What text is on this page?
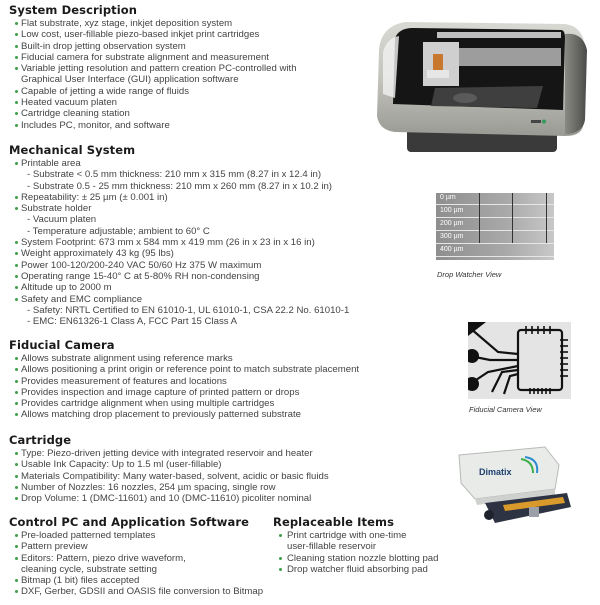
System Description
Flat substrate, xyz stage, inkjet deposition system
Low cost, user-fillable piezo-based inkjet print cartridges
Built-in drop jetting observation system
Fiducial camera for substrate alignment and measurement
Variable jetting resolution and pattern creation PC-controlled with
Graphical User Interface (GUI) application software
Capable of jetting a wide range of fluids
Heated vacuum platen
Cartridge cleaning station
Includes PC, monitor, and software
Mechanical System
Printable area
- Substrate < 0.5 mm thickness: 210 mm x 315 mm (8.27 in x 12.4 in)
- Substrate 0.5 - 25 mm thickness: 210 mm x 260 mm (8.27 in x 10.2 in)
Repeatability: ± 25 µm (± 0.001 in)
Substrate holder
- Vacuum platen
- Temperature adjustable; ambient to 60° C
System Footprint: 673 mm x 584 mm x 419 mm (26 in x 23 in x 16 in)
Weight approximately 43 kg (95 lbs)
Power 100-120/200-240 VAC 50/60 Hz 375 W maximum
Operating range 15-40° C at 5-80% RH non-condensing
Altitude up to 2000 m
Safety and EMC compliance
- Safety: NRTL Certified to EN 61010-1, UL 61010-1, CSA 22.2 No. 61010-1
- EMC: EN61326-1 Class A, FCC Part 15 Class A
Fiducial Camera
Allows substrate alignment using reference marks
Allows positioning a print origin or reference point to match substrate placement
Provides measurement of features and locations
Provides inspection and image capture of printed pattern or drops
Provides cartridge alignment when using multiple cartridges
Allows matching drop placement to previously patterned substrate
Cartridge
Type: Piezo-driven jetting device with integrated reservoir and heater
Usable Ink Capacity: Up to 1.5 ml (user-fillable)
Materials Compatibility: Many water-based, solvent, acidic or basic fluids
Number of Nozzles: 16 nozzles, 254 µm spacing, single row
Drop Volume: 1 (DMC-11601) and 10 (DMC-11610) picoliter nominal
Control PC and Application Software
Pre-loaded patterned templates
Pattern preview
Editors: Pattern, piezo drive waveform,
cleaning cycle, substrate setting
Bitmap (1 bit) files accepted
DXF, Gerber, GDSII and OASIS file conversion to Bitmap
Replaceable Items
Print cartridge with one-time
user-fillable reservoir
Cleaning station nozzle blotting pad
Drop watcher fluid absorbing pad
0 µm
100 µm
200 µm
300 µm
400 µm
Drop Watcher View
Fiducial Camera View
Dimatix
